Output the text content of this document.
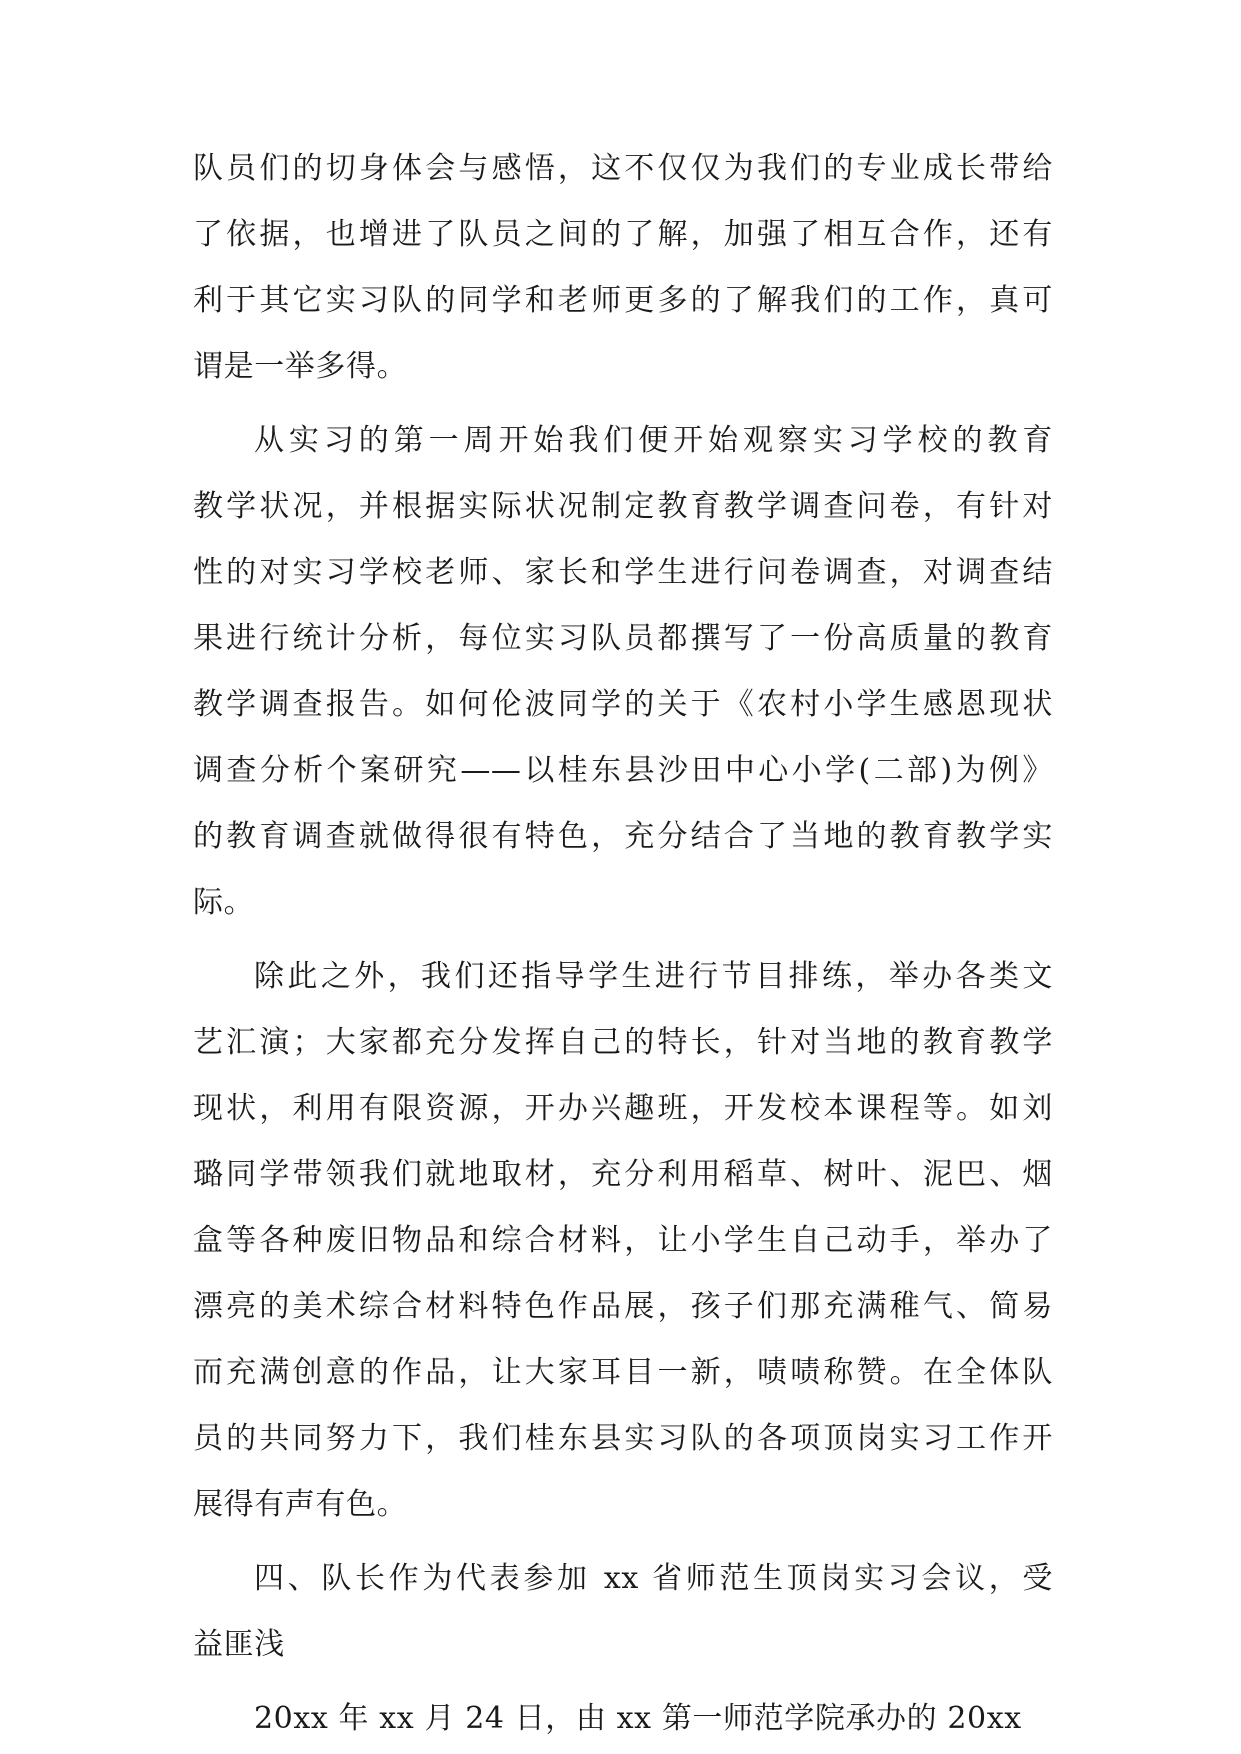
队员们的切身体会与感悟，这不仅仅为我们的专业成长带给
了依据，也增进了队员之间的了解，加强了相互合作，还有
利于其它实习队的同学和老师更多的了解我们的工作，真可
谓是一举多得。
从实习的第一周开始我们便开始观察实习学校的教育
教学状况，并根据实际状况制定教育教学调查问卷，有针对
性的对实习学校老师、家长和学生进行问卷调查，对调查结
果进行统计分析，每位实习队员都撰写了一份高质量的教育
教学调查报告。如何伦波同学的关于《农村小学生感恩现状
调查分析个案研究——以桂东县沙田中心小学(二部)为例》
的教育调查就做得很有特色，充分结合了当地的教育教学实
际。
除此之外，我们还指导学生进行节目排练，举办各类文
艺汇演；大家都充分发挥自己的特长，针对当地的教育教学
现状，利用有限资源，开办兴趣班，开发校本课程等。如刘
璐同学带领我们就地取材，充分利用稻草、树叶、泥巴、烟
盒等各种废旧物品和综合材料，让小学生自己动手，举办了
漂亮的美术综合材料特色作品展，孩子们那充满稚气、简易
而充满创意的作品，让大家耳目一新，啧啧称赞。在全体队
员的共同努力下，我们桂东县实习队的各项顶岗实习工作开
展得有声有色。
四、队长作为代表参加 xx 省师范生顶岗实习会议，受
益匪浅
20xx 年 xx 月 24 日，由 xx 第一师范学院承办的 20xx
